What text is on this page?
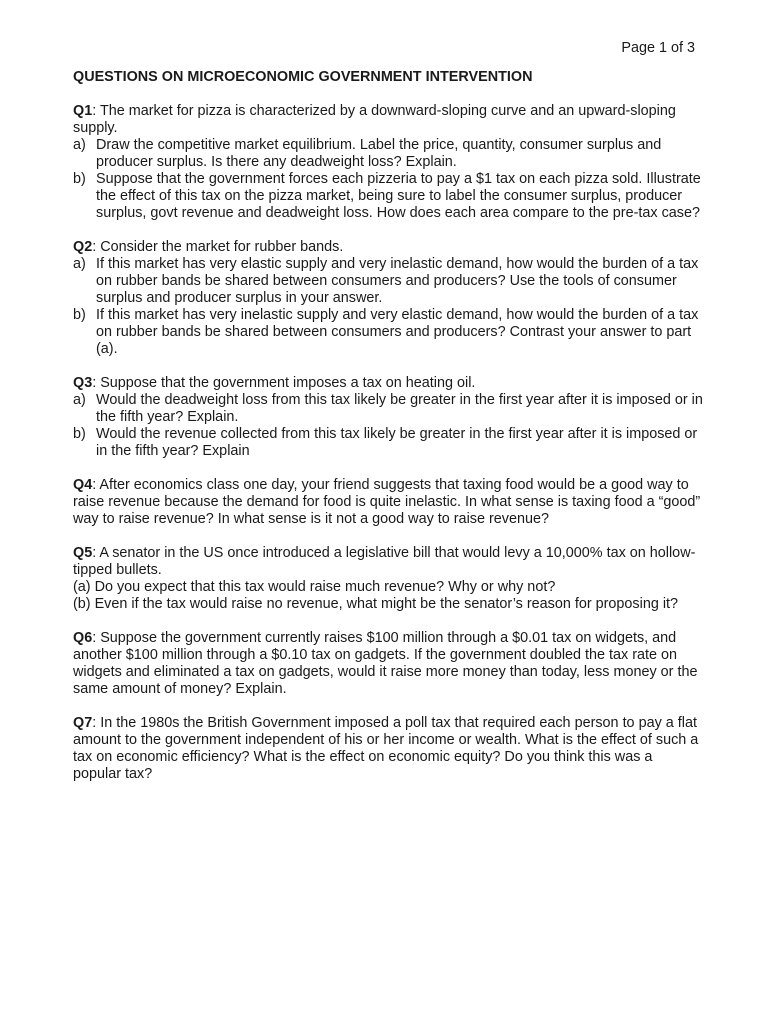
Page 1 of 3
QUESTIONS ON MICROECONOMIC GOVERNMENT INTERVENTION
Q1: The market for pizza is characterized by a downward-sloping curve and an upward-sloping supply.
a) Draw the competitive market equilibrium. Label the price, quantity, consumer surplus and producer surplus. Is there any deadweight loss? Explain.
b) Suppose that the government forces each pizzeria to pay a $1 tax on each pizza sold. Illustrate the effect of this tax on the pizza market, being sure to label the consumer surplus, producer surplus, govt revenue and deadweight loss. How does each area compare to the pre-tax case?
Q2: Consider the market for rubber bands.
a) If this market has very elastic supply and very inelastic demand, how would the burden of a tax on rubber bands be shared between consumers and producers? Use the tools of consumer surplus and producer surplus in your answer.
b) If this market has very inelastic supply and very elastic demand, how would the burden of a tax on rubber bands be shared between consumers and producers? Contrast your answer to part (a).
Q3: Suppose that the government imposes a tax on heating oil.
a) Would the deadweight loss from this tax likely be greater in the first year after it is imposed or in the fifth year? Explain.
b) Would the revenue collected from this tax likely be greater in the first year after it is imposed or in the fifth year? Explain
Q4: After economics class one day, your friend suggests that taxing food would be a good way to raise revenue because the demand for food is quite inelastic. In what sense is taxing food a “good” way to raise revenue? In what sense is it not a good way to raise revenue?
Q5: A senator in the US once introduced a legislative bill that would levy a 10,000% tax on hollow-tipped bullets.
(a) Do you expect that this tax would raise much revenue? Why or why not?
(b) Even if the tax would raise no revenue, what might be the senator’s reason for proposing it?
Q6: Suppose the government currently raises $100 million through a $0.01 tax on widgets, and another $100 million through a $0.10 tax on gadgets. If the government doubled the tax rate on widgets and eliminated a tax on gadgets, would it raise more money than today, less money or the same amount of money? Explain.
Q7: In the 1980s the British Government imposed a poll tax that required each person to pay a flat amount to the government independent of his or her income or wealth. What is the effect of such a tax on economic efficiency? What is the effect on economic equity? Do you think this was a popular tax?
